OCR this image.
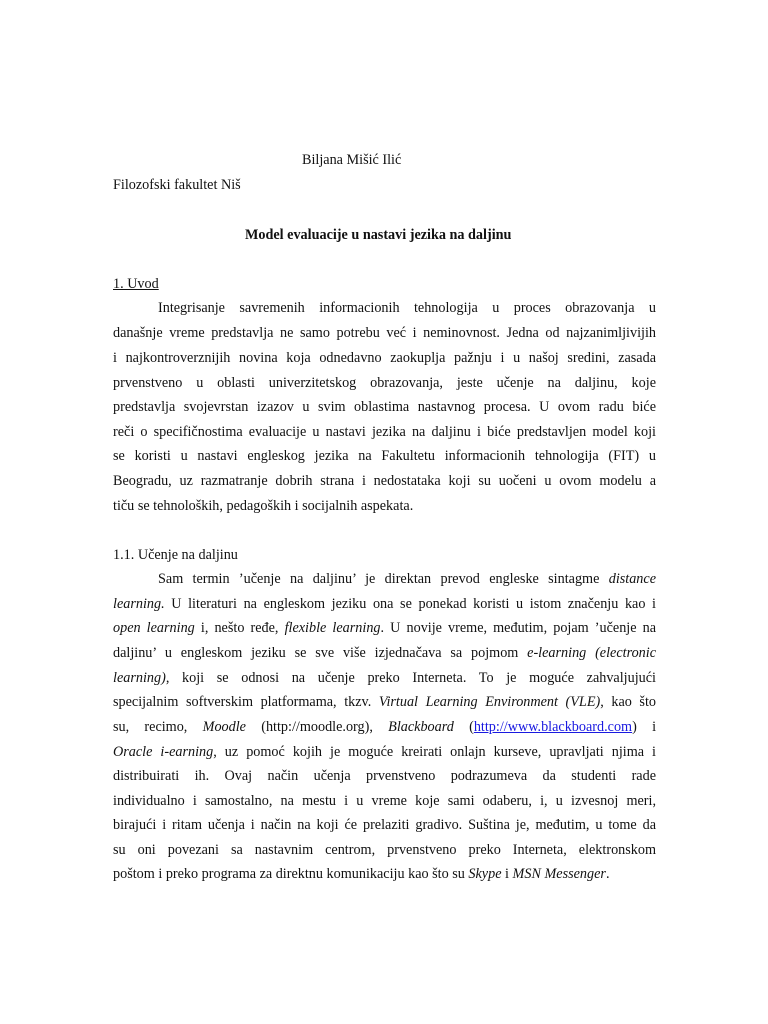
Biljana Mišić Ilić
Filozofski fakultet Niš
Model evaluacije u nastavi jezika na daljinu
1. Uvod
Integrisanje savremenih informacionih tehnologija u proces obrazovanja u
današnje vreme predstavlja ne samo potrebu već i neminovnost. Jedna od najzanimljivijih
i najkontroverznijih novina koja odnedavno zaokuplja pažnju i u našoj sredini, zasada
prvenstveno u oblasti univerzitetskog obrazovanja, jeste učenje na daljinu, koje
predstavlja svojevrstan izazov u svim oblastima nastavnog procesa. U ovom radu biće
reči o specifičnostima evaluacije u nastavi jezika na daljinu i biće predstavljen model koji
se koristi u nastavi engleskog jezika na Fakultetu informacionih tehnologija (FIT) u
Beogradu, uz razmatranje dobrih strana i nedostataka koji su uočeni u ovom modelu a
tiču se tehnoloških, pedagoških i socijalnih aspekata.
1.1. Učenje na daljinu
Sam termin ’učenje na daljinu’ je direktan prevod engleske sintagme distance
learning. U literaturi na engleskom jeziku ona se ponekad koristi u istom značenju kao i
open learning i, nešto ređe, flexible learning. U novije vreme, međutim, pojam ’učenje na
daljinu’ u engleskom jeziku se sve više izjednačava sa pojmom e-learning (electronic
learning), koji se odnosi na učenje preko Interneta. To je moguće zahvaljujući
specijalnim softverskim platformama, tkzv. Virtual Learning Environment (VLE), kao što
su, recimo, Moodle (http://moodle.org), Blackboard (http://www.blackboard.com) i
Oracle i-earning, uz pomoć kojih je moguće kreirati onlajn kurseve, upravljati njima i
distribuirati ih. Ovaj način učenja prvenstveno podrazumeva da studenti rade
individualno i samostalno, na mestu i u vreme koje sami odaberu, i, u izvesnoj meri,
birajući i ritam učenja i način na koji će prelaziti gradivo. Suština je, međutim, u tome da
su oni povezani sa nastavnim centrom, prvenstveno preko Interneta, elektronskom
poštom i preko programa za direktnu komunikaciju kao što su Skype i MSN Messenger.
